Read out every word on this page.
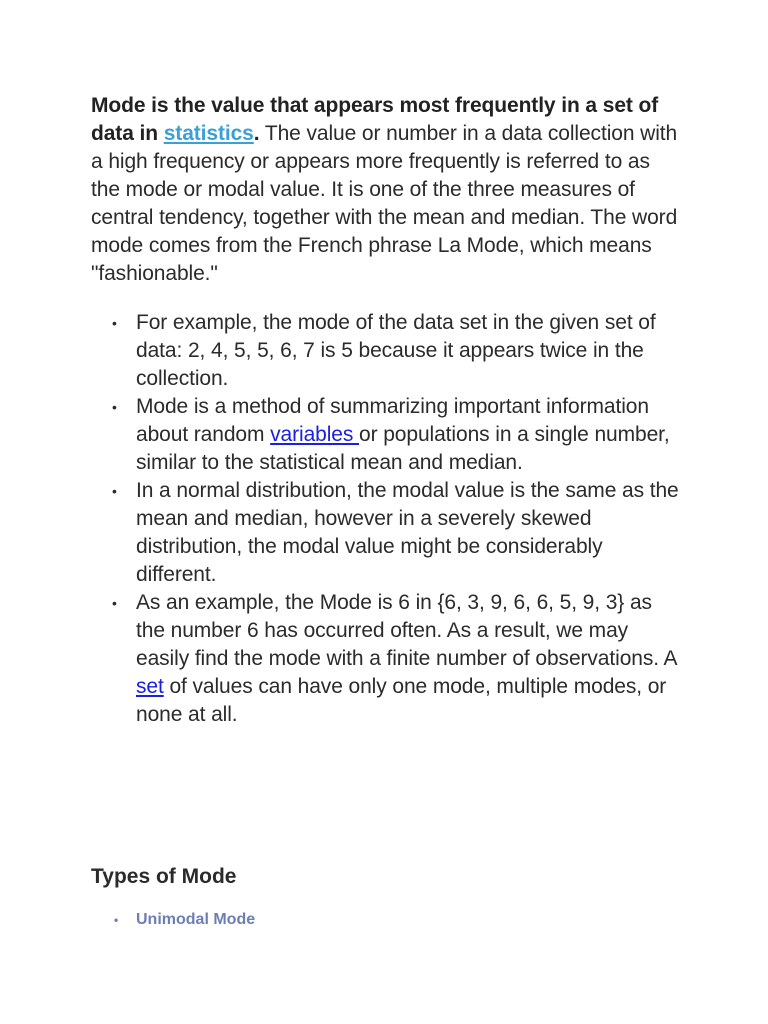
Mode is the value that appears most frequently in a set of data in statistics. The value or number in a data collection with a high frequency or appears more frequently is referred to as the mode or modal value. It is one of the three measures of central tendency, together with the mean and median. The word mode comes from the French phrase La Mode, which means "fashionable."

• For example, the mode of the data set in the given set of data: 2, 4, 5, 5, 6, 7 is 5 because it appears twice in the collection.
• Mode is a method of summarizing important information about random variables or populations in a single number, similar to the statistical mean and median.
• In a normal distribution, the modal value is the same as the mean and median, however in a severely skewed distribution, the modal value might be considerably different.
• As an example, the Mode is 6 in {6, 3, 9, 6, 6, 5, 9, 3} as the number 6 has occurred often. As a result, we may easily find the mode with a finite number of observations. A set of values can have only one mode, multiple modes, or none at all.
Types of Mode
• Unimodal Mode
